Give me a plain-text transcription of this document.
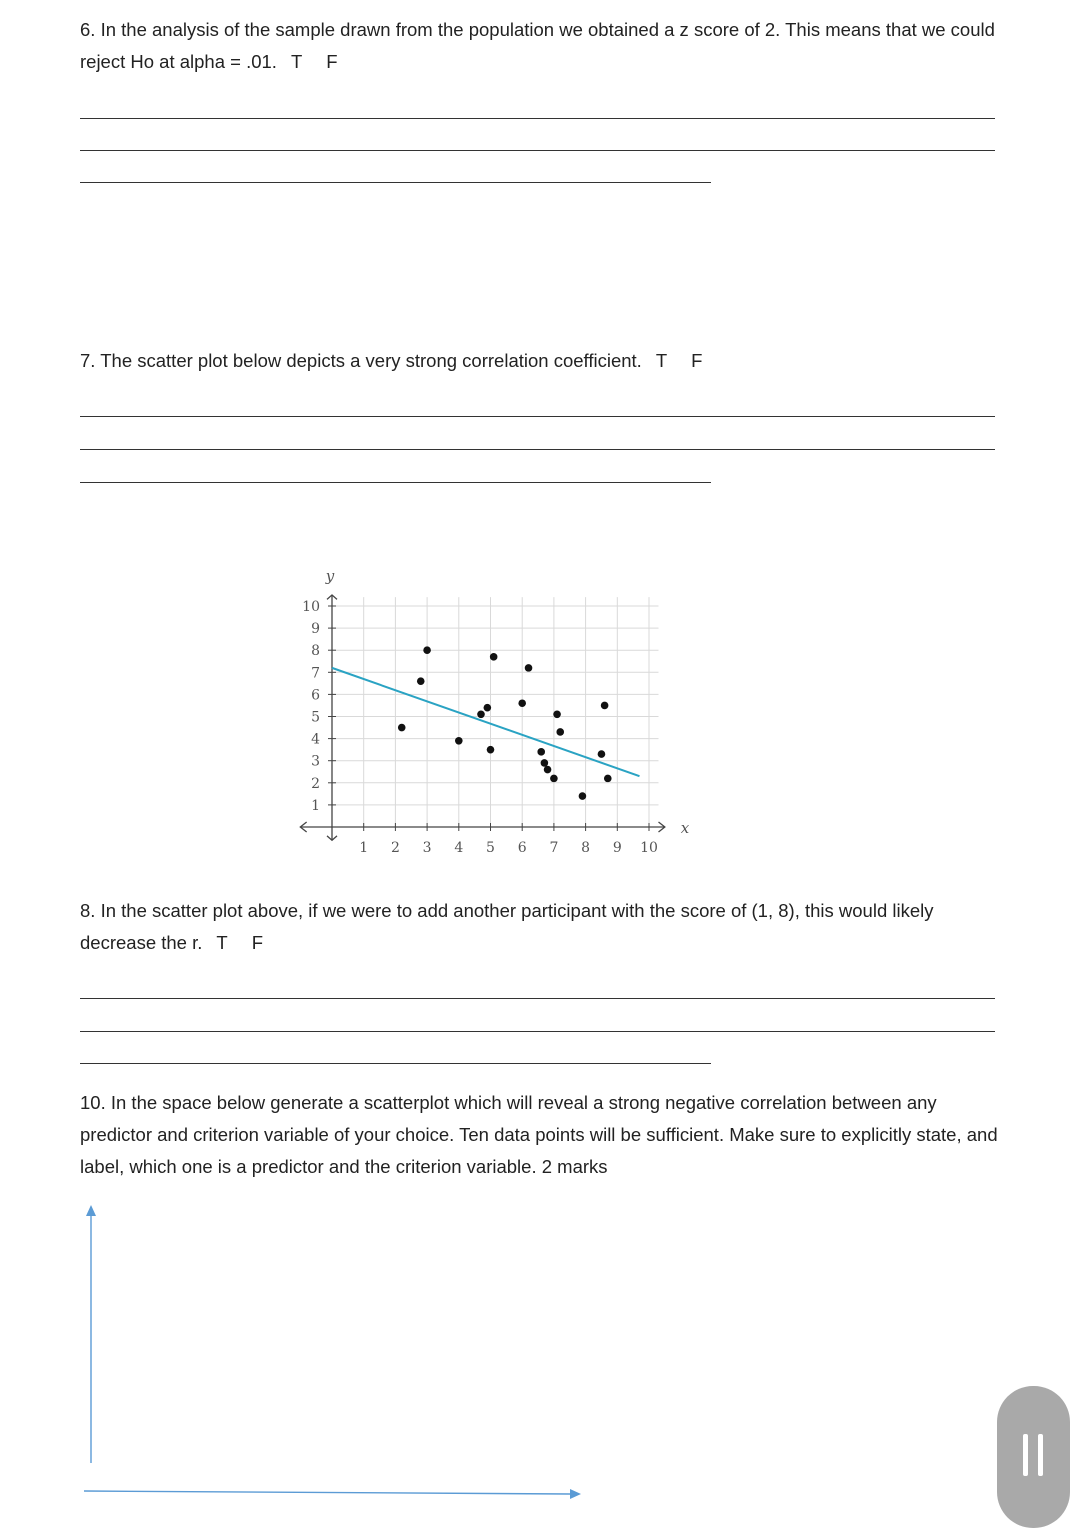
6. In the analysis of the sample drawn from the population we obtained a z score of 2. This means that we could reject Ho at alpha = .01. T F
7. The scatter plot below depicts a very strong correlation coefficient. T F
1 2 3 4 5 6 7 8 9 10
1
2
3
4
5
6
7
8
9
10
y
x
8. In the scatter plot above, if we were to add another participant with the score of (1, 8), this would likely decrease the r. T F
10. In the space below generate a scatterplot which will reveal a strong negative correlation between any predictor and criterion variable of your choice. Ten data points will be sufficient. Make sure to explicitly state, and label, which one is a predictor and the criterion variable. 2 marks
